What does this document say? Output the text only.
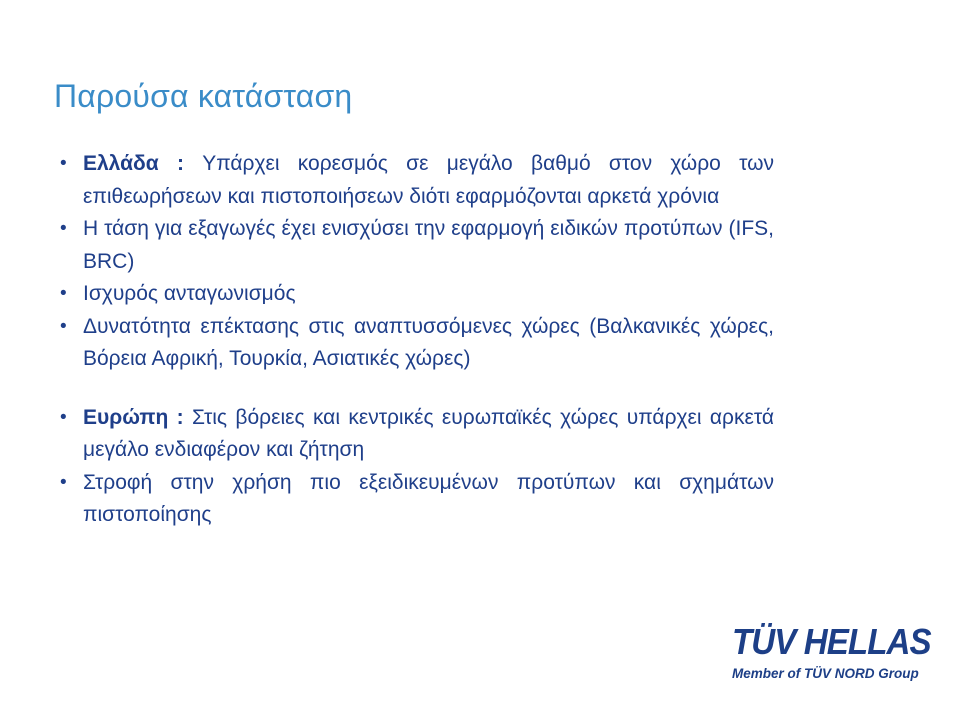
Παρούσα κατάσταση
• Ελλάδα : Υπάρχει κορεσμός σε μεγάλο βαθμό στον χώρο των επιθεωρήσεων και πιστοποιήσεων διότι εφαρμόζονται αρκετά χρόνια
• Η τάση για εξαγωγές έχει ενισχύσει την εφαρμογή ειδικών προτύπων (IFS, BRC)
• Ισχυρός ανταγωνισμός
• Δυνατότητα επέκτασης στις αναπτυσσόμενες χώρες (Βαλκανικές χώρες, Βόρεια Αφρική, Τουρκία, Ασιατικές χώρες)
• Ευρώπη : Στις βόρειες και κεντρικές ευρωπαϊκές χώρες υπάρχει αρκετά μεγάλο ενδιαφέρον και ζήτηση
• Στροφή στην χρήση πιο εξειδικευμένων προτύπων και σχημάτων πιστοποίησης
TÜV HELLAS
Member of TÜV NORD Group
